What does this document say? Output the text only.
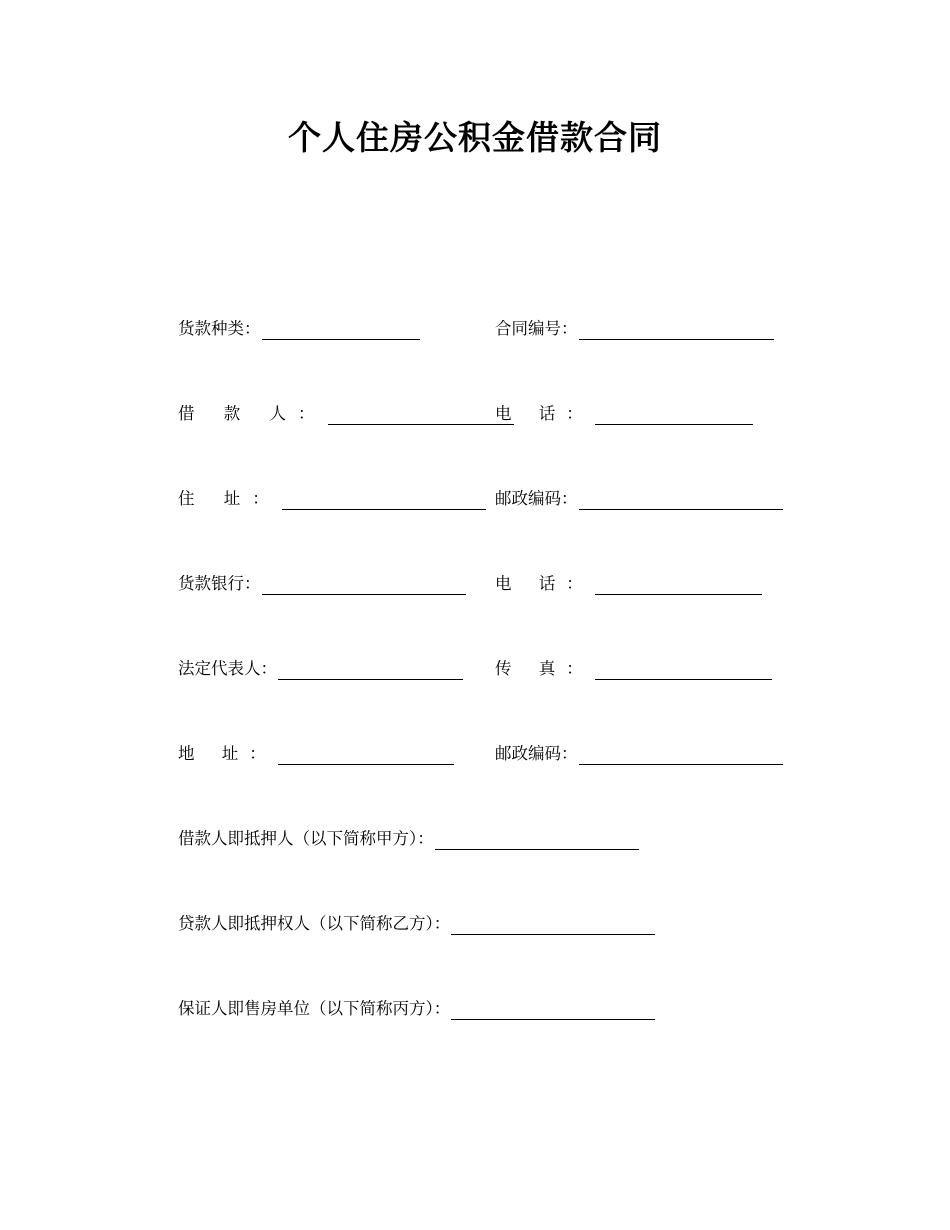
个人住房公积金借款合同
货款种类：	合同编号：
借 款 人：	电 话：
住 址：	邮政编码：
货款银行：	电 话：
法定代表人：	传 真：
地 址：	邮政编码：
借款人即抵押人（以下简称甲方）：
贷款人即抵押权人（以下简称乙方）：
保证人即售房单位（以下简称丙方）：
